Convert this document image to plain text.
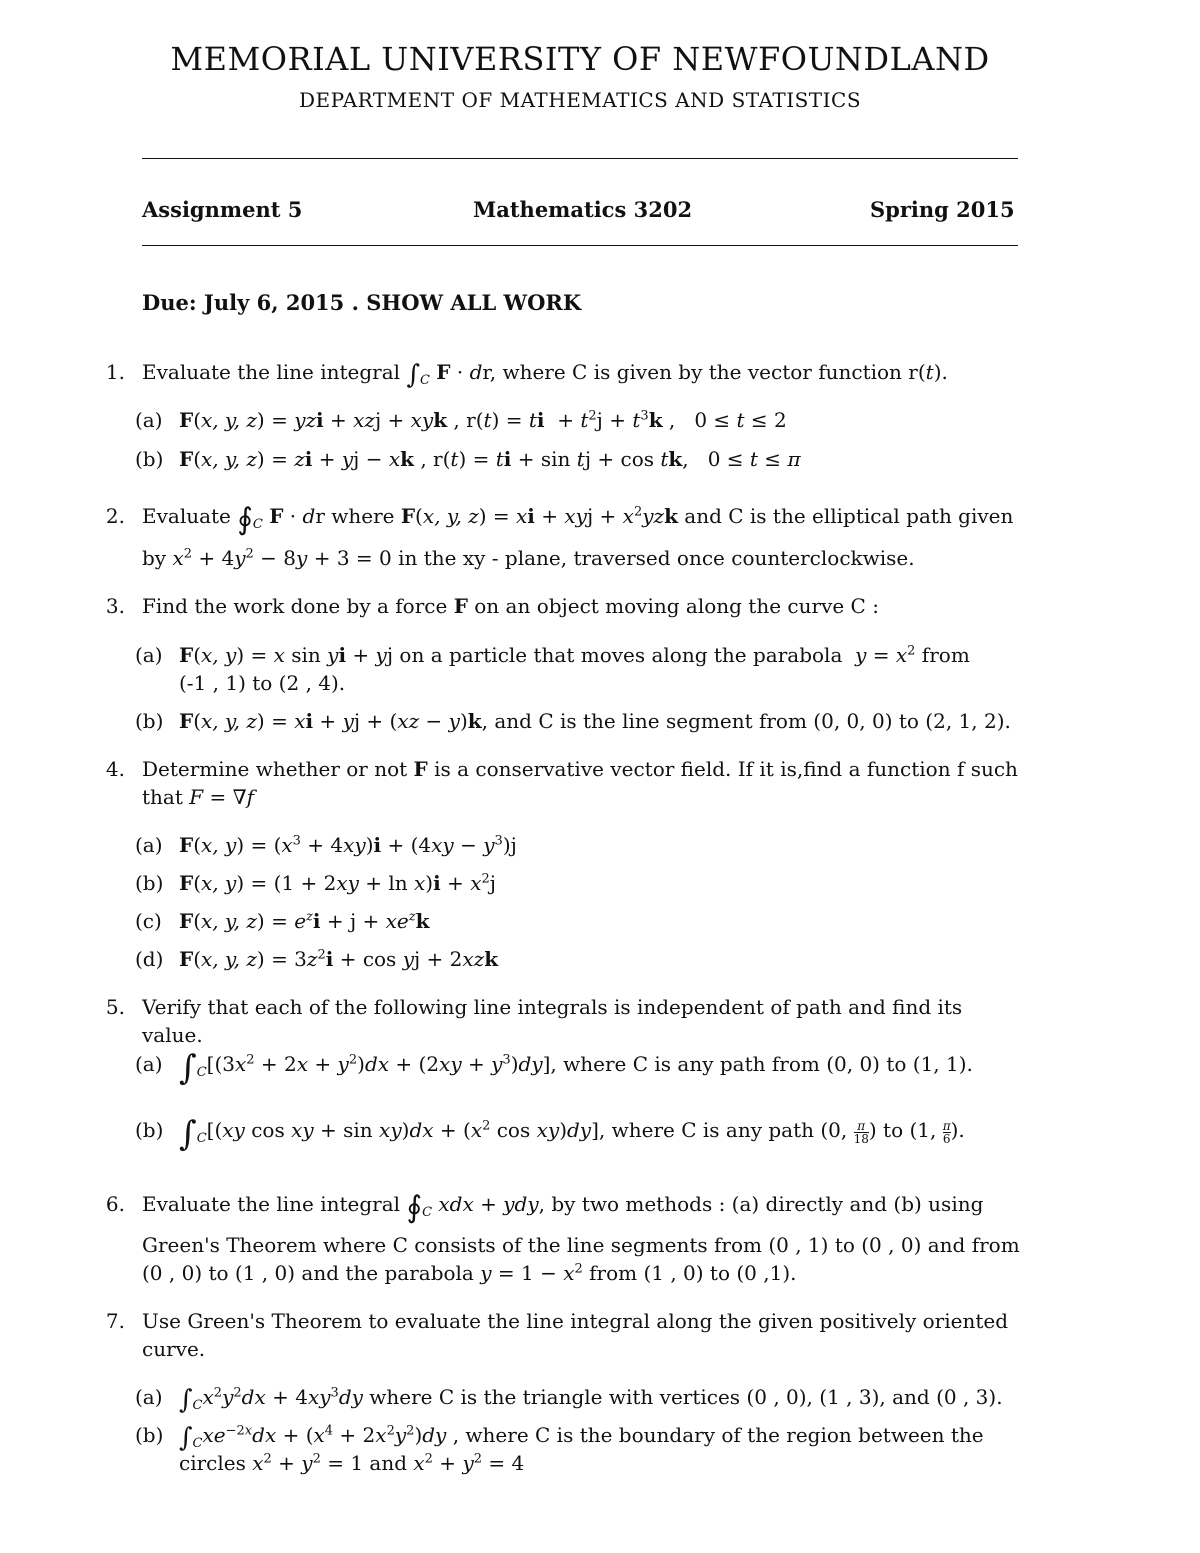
MEMORIAL UNIVERSITY OF NEWFOUNDLAND
DEPARTMENT OF MATHEMATICS AND STATISTICS
Assignment 5	Mathematics 3202	Spring 2015
Due: July 6, 2015 . SHOW ALL WORK
1. Evaluate the line integral $\int_C$ F · dr, where C is given by the vector function r(t).
(a) F(x, y, z) = yzi + xzj + xyk , r(t) = ti  + $t^2j + t^3k$ ,   0 ≤ t ≤ 2
(b) F(x, y, z) = zi + yj − xk , r(t) = ti + sin tj + cos tk,   0 ≤ t ≤ π
2. Evaluate $∮_C$ F · dr where F(x, y, z) = xi + xyj + $x^2yzk$ and C is the elliptical path given
by $x^2 + 4y^2 - 8y + 3 = 0$ in the xy - plane, traversed once counterclockwise.
3. Find the work done by a force F on an object moving along the curve C :
(a) F(x, y) = x sin yi + yj on a particle that moves along the parabola  $y = x^2$ from
(-1 , 1) to (2 , 4).
(b) F(x, y, z) = xi + yj + (xz − y)k, and C is the line segment from (0, 0, 0) to (2, 1, 2).
4. Determine whether or not F is a conservative vector field. If it is,find a function f such
that F = ∇f
(a) F(x, $y) = (x^3 + 4xy)i + (4xy - y^3)j$
(b) F(x, $y) = (1 + 2xy + \ln x)i + x^2j$
(c) F(x, y, $z) = e^zi + j + xe^zk$
(d) F(x, y, $z) = 3z^2i + \cos$ yj + 2xzk
5. Verify that each of the following line integrals is independent of path and find its value.
(a) $\int_C[(3x^2 + 2x + y^2)dx + (2xy + y^3)dy]$, where C is any path from (0, 0) to (1, 1).
(b) $\int_C[(xy$ cos xy + $\sin xy)dx + (x^2$ cos xy)dy], where C is any path (0, $\frac{\pi}{18}$ ) to (1, $\frac{\pi}{6}$ ).
6. Evaluate the line integral $∮_C$ xdx + ydy, by two methods : (a) directly and (b) using
Green's Theorem where C consists of the line segments from (0 , 1) to (0 , 0) and from
(0 , 0) to (1 , 0) and the parabola $y = 1 - x^2$ from (1 , 0) to (0 ,1).
7. Use Green's Theorem to evaluate the line integral along the given positively oriented curve.
(a) $\int_Cx^2y^2dx + 4xy^3dy$ where C is the triangle with vertices (0 , 0), (1 , 3), and (0 , 3).
(b) $\int_Cxe^{-2x}dx + (x^4 + 2x^2y^2)dy$ , where C is the boundary of the region between the
circles $x^2 + y^2 = 1$ and $x^2 + y^2 = 4$
